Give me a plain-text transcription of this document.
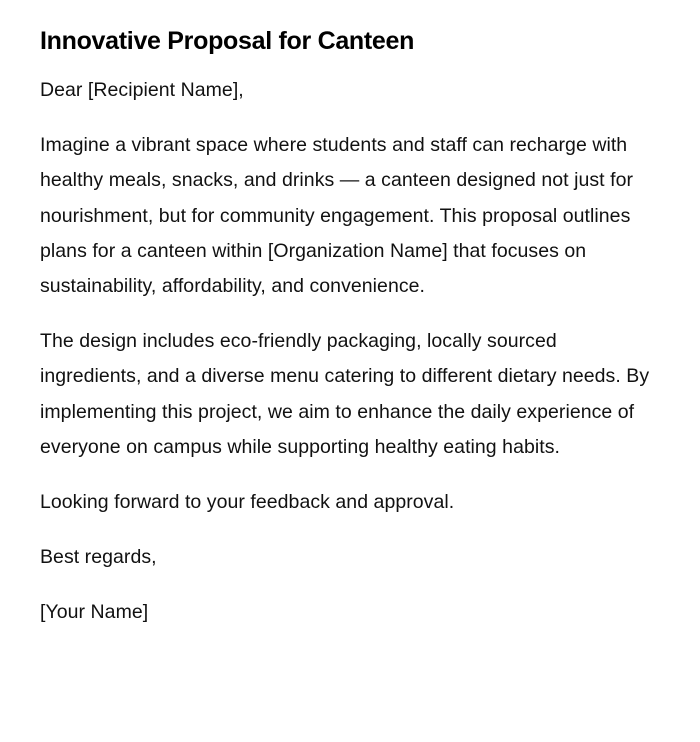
Innovative Proposal for Canteen

Dear [Recipient Name],

Imagine a vibrant space where students and staff can recharge with healthy meals, snacks, and drinks — a canteen designed not just for nourishment, but for community engagement. This proposal outlines plans for a canteen within [Organization Name] that focuses on sustainability, affordability, and convenience.

The design includes eco-friendly packaging, locally sourced ingredients, and a diverse menu catering to different dietary needs. By implementing this project, we aim to enhance the daily experience of everyone on campus while supporting healthy eating habits.

Looking forward to your feedback and approval.

Best regards,

[Your Name]
